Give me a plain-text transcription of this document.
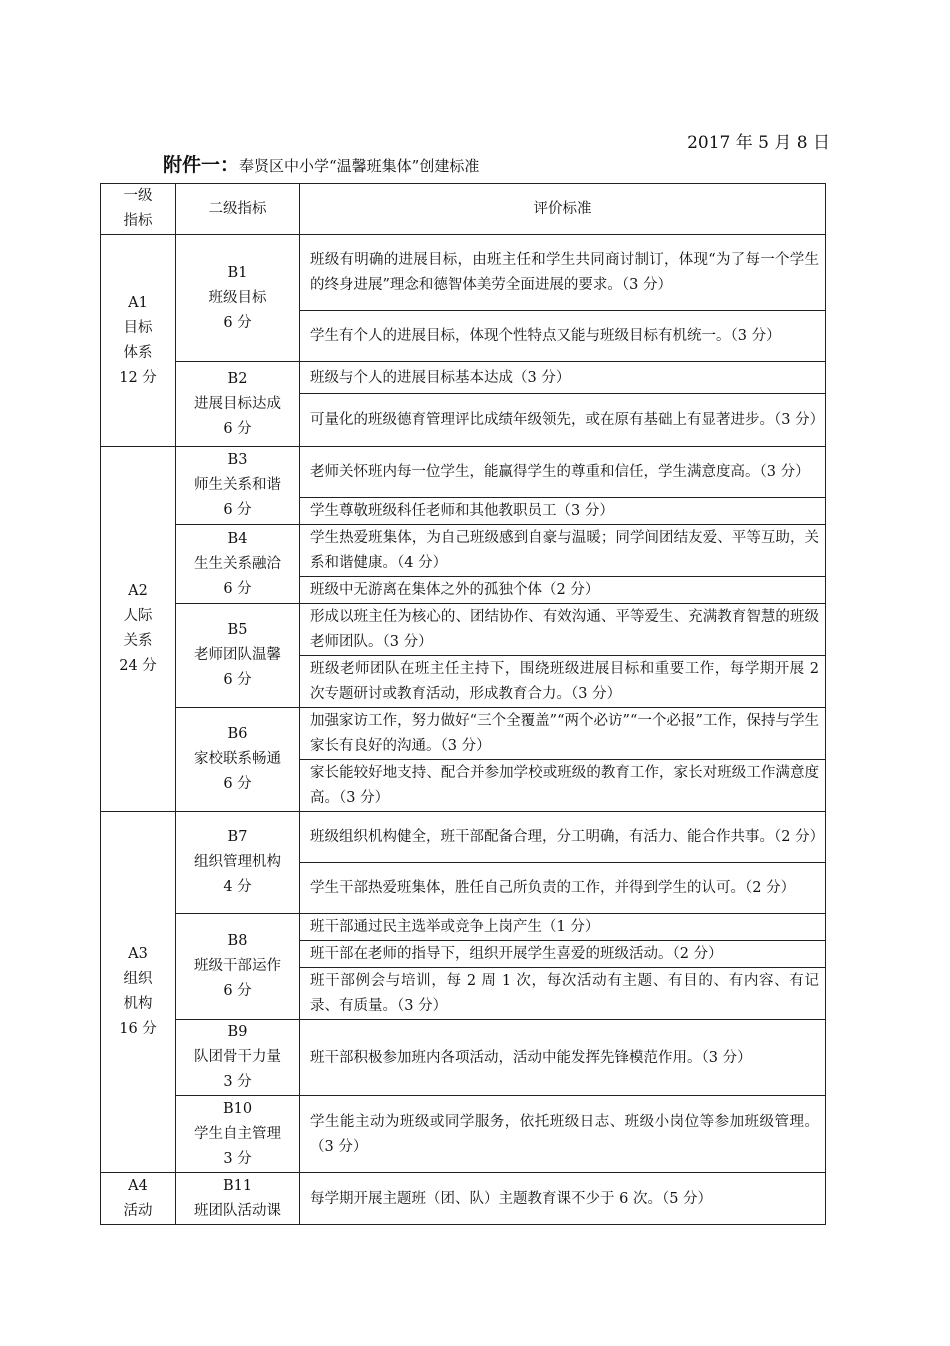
2017 年 5 月 8 日
附件一：奉贤区中小学“温馨班集体”创建标准
一级
指标	二级指标	评价标准

A1
目标
体系
12 分	B1
班级目标
6 分	班级有明确的进展目标，由班主任和学生共同商讨制订，体现“为了每一个学生的终身进展”理念和德智体美劳全面进展的要求。（3 分）
		学生有个人的进展目标，体现个性特点又能与班级目标有机统一。（3 分）

	B2
进展目标达成
6 分	班级与个人的进展目标基本达成（3 分）
		可量化的班级德育管理评比成绩年级领先，或在原有基础上有显著进步。（3 分）

A2
人际
关系
24 分	B3
师生关系和谐
6 分	老师关怀班内每一位学生，能赢得学生的尊重和信任，学生满意度高。（3 分）
		学生尊敬班级科任老师和其他教职员工（3 分）

	B4
生生关系融洽
6 分	学生热爱班集体，为自己班级感到自豪与温暖；同学间团结友爱、平等互助，关系和谐健康。（4 分）
		班级中无游离在集体之外的孤独个体（2 分）

	B5
老师团队温馨
6 分	形成以班主任为核心的、团结协作、有效沟通、平等爱生、充满教育智慧的班级老师团队。（3 分）
		班级老师团队在班主任主持下，围绕班级进展目标和重要工作，每学期开展 2 次专题研讨或教育活动，形成教育合力。（3 分）

	B6
家校联系畅通
6 分	加强家访工作，努力做好“三个全覆盖”“两个必访”“一个必报”工作，保持与学生家长有良好的沟通。（3 分）
		家长能较好地支持、配合并参加学校或班级的教育工作，家长对班级工作满意度高。（3 分）

A3
组织
机构
16 分	B7
组织管理机构
4 分	班级组织机构健全，班干部配备合理，分工明确，有活力、能合作共事。（2 分）
		学生干部热爱班集体，胜任自己所负责的工作，并得到学生的认可。（2 分）

	B8
班级干部运作
6 分	班干部通过民主选举或竞争上岗产生（1 分）
		班干部在老师的指导下，组织开展学生喜爱的班级活动。（2 分）
		班干部例会与培训，每 2 周 1 次，每次活动有主题、有目的、有内容、有记录、有质量。（3 分）

	B9
队团骨干力量
3 分	班干部积极参加班内各项活动，活动中能发挥先锋模范作用。（3 分）

	B10
学生自主管理
3 分	学生能主动为班级或同学服务，依托班级日志、班级小岗位等参加班级管理。（3 分）

A4
活动	B11
班团队活动课	每学期开展主题班（团、队）主题教育课不少于 6 次。（5 分）
